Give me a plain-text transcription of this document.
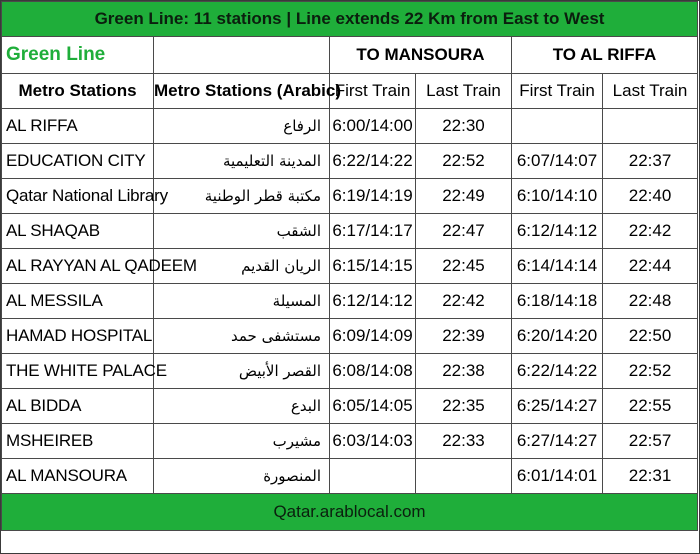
Green Line: 11 stations | Line extends 22 Km from East to West					
Green Line		TO MANSOURA		TO AL RIFFA	
Metro Stations	Metro Stations (Arabic)	First Train	Last Train	First Train	Last Train
AL RIFFA	الرفاع	6:00/14:00	22:30		
EDUCATION CITY	المدينة التعليمية	6:22/14:22	22:52	6:07/14:07	22:37
Qatar National Library	مكتبة قطر الوطنية	6:19/14:19	22:49	6:10/14:10	22:40
AL SHAQAB	الشقب	6:17/14:17	22:47	6:12/14:12	22:42
AL RAYYAN AL QADEEM	الريان القديم	6:15/14:15	22:45	6:14/14:14	22:44
AL MESSILA	المسيلة	6:12/14:12	22:42	6:18/14:18	22:48
HAMAD HOSPITAL	مستشفى حمد	6:09/14:09	22:39	6:20/14:20	22:50
THE WHITE PALACE	القصر الأبيض	6:08/14:08	22:38	6:22/14:22	22:52
AL BIDDA	البدع	6:05/14:05	22:35	6:25/14:27	22:55
MSHEIREB	مشيرب	6:03/14:03	22:33	6:27/14:27	22:57
AL MANSOURA	المنصورة			6:01/14:01	22:31
Qatar.arablocal.com					
